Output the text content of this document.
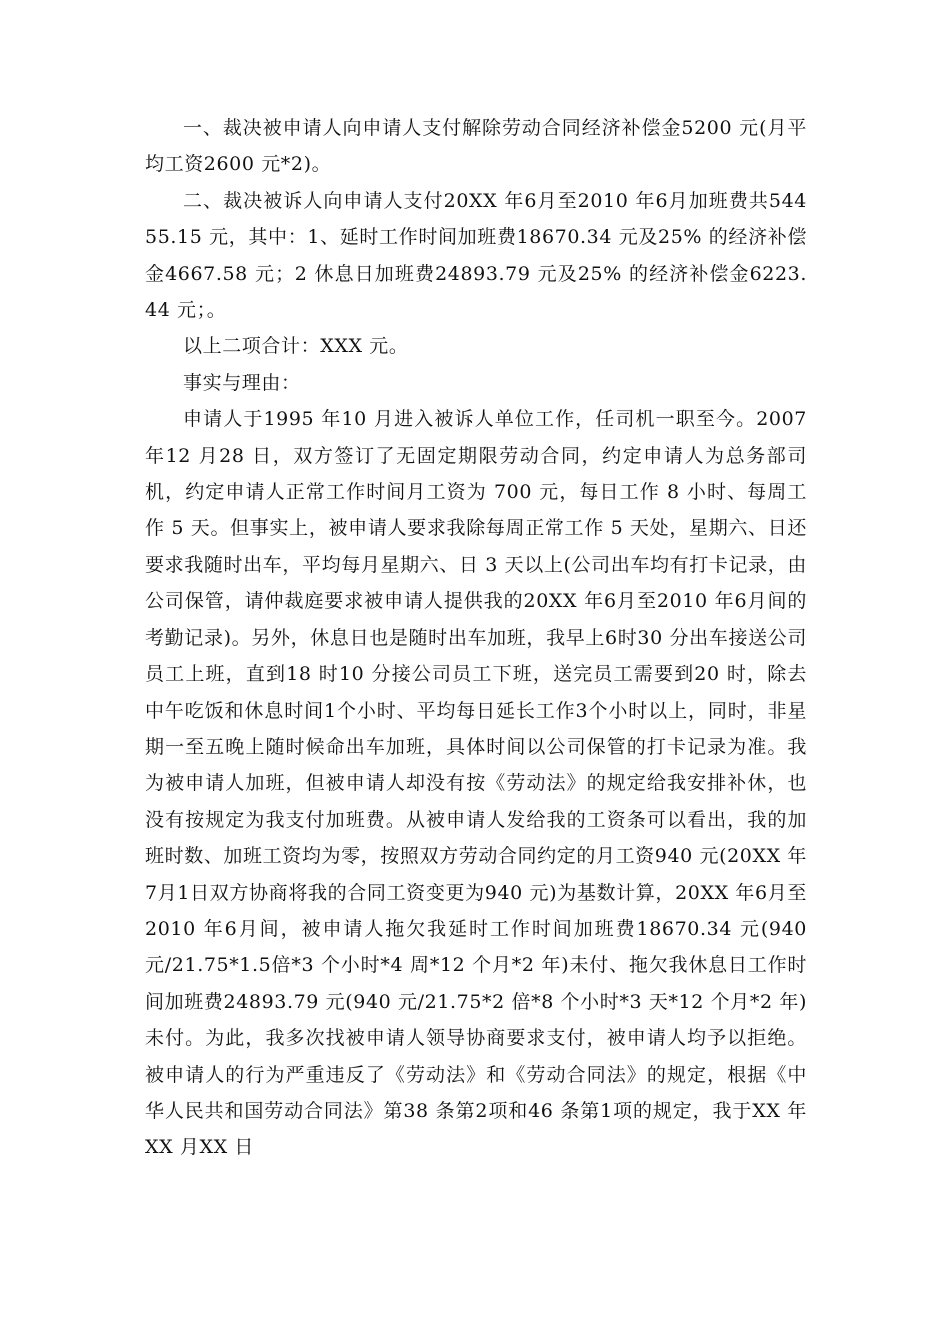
一、裁决被申请人向申请人支付解除劳动合同经济补偿金5200 元(月平均工资2600 元*2)。

二、裁决被诉人向申请人支付20XX 年6月至2010 年6月加班费共54455.15 元，其中：1、延时工作时间加班费18670.34 元及25% 的经济补偿金4667.58 元；2 休息日加班费24893.79 元及25% 的经济补偿金6223.44 元；。

以上二项合计：XXX 元。

事实与理由：

申请人于1995 年10 月进入被诉人单位工作，任司机一职至今。2007 年12 月28 日，双方签订了无固定期限劳动合同，约定申请人为总务部司机，约定申请人正常工作时间月工资为 700 元，每日工作 8 小时、每周工作 5 天。但事实上，被申请人要求我除每周正常工作 5 天处，星期六、日还要求我随时出车，平均每月星期六、日 3 天以上(公司出车均有打卡记录，由公司保管，请仲裁庭要求被申请人提供我的20XX 年6月至2010 年6月间的考勤记录)。另外，休息日也是随时出车加班，我早上6时30 分出车接送公司员工上班，直到18 时10 分接公司员工下班，送完员工需要到20 时，除去中午吃饭和休息时间1个小时、平均每日延长工作3个小时以上，同时，非星期一至五晚上随时候命出车加班，具体时间以公司保管的打卡记录为准。我为被申请人加班，但被申请人却没有按《劳动法》的规定给我安排补休，也没有按规定为我支付加班费。从被申请人发给我的工资条可以看出，我的加班时数、加班工资均为零，按照双方劳动合同约定的月工资940 元(20XX 年7月1日双方协商将我的合同工资变更为940 元)为基数计算，20XX 年6月至2010 年6月间，被申请人拖欠我延时工作时间加班费18670.34 元(940 元/21.75*1.5倍*3 个小时*4 周*12 个月*2 年)未付、拖欠我休息日工作时间加班费24893.79 元(940 元/21.75*2 倍*8 个小时*3 天*12 个月*2 年)未付。为此，我多次找被申请人领导协商要求支付，被申请人均予以拒绝。被申请人的行为严重违反了《劳动法》和《劳动合同法》的规定，根据《中华人民共和国劳动合同法》第38 条第2项和46 条第1项的规定，我于XX 年XX 月XX 日
